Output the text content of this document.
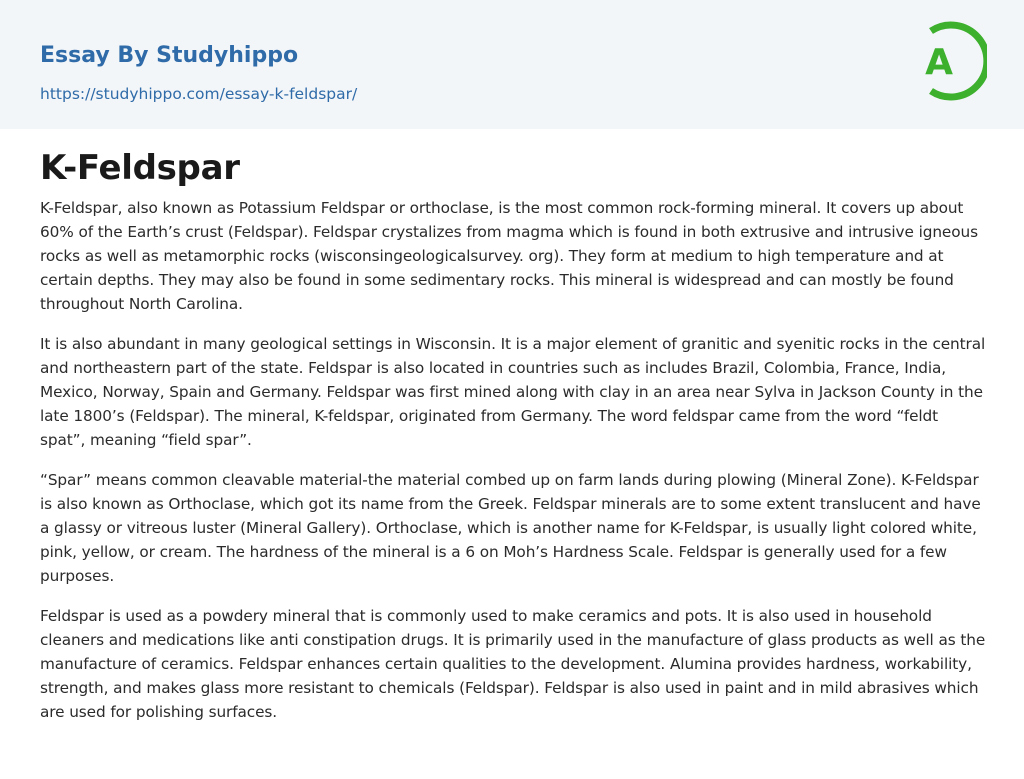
Essay By Studyhippo
https://studyhippo.com/essay-k-feldspar/
A
K-Feldspar

K-Feldspar, also known as Potassium Feldspar or orthoclase, is the most common rock-forming mineral. It covers up about 60% of the Earth’s crust (Feldspar). Feldspar crystalizes from magma which is found in both extrusive and intrusive igneous rocks as well as metamorphic rocks (wisconsingeologicalsurvey. org). They form at medium to high temperature and at certain depths. They may also be found in some sedimentary rocks. This mineral is widespread and can mostly be found throughout North Carolina.

It is also abundant in many geological settings in Wisconsin. It is a major element of granitic and syenitic rocks in the central and northeastern part of the state. Feldspar is also located in countries such as includes Brazil, Colombia, France, India, Mexico, Norway, Spain and Germany. Feldspar was first mined along with clay in an area near Sylva in Jackson County in the late 1800’s (Feldspar). The mineral, K-feldspar, originated from Germany. The word feldspar came from the word “feldt spat”, meaning “field spar”.

“Spar” means common cleavable material-the material combed up on farm lands during plowing (Mineral Zone). K-Feldspar is also known as Orthoclase, which got its name from the Greek. Feldspar minerals are to some extent translucent and have a glassy or vitreous luster (Mineral Gallery). Orthoclase, which is another name for K-Feldspar, is usually light colored white, pink, yellow, or cream. The hardness of the mineral is a 6 on Moh’s Hardness Scale. Feldspar is generally used for a few purposes.

Feldspar is used as a powdery mineral that is commonly used to make ceramics and pots. It is also used in household cleaners and medications like anti constipation drugs. It is primarily used in the manufacture of glass products as well as the manufacture of ceramics. Feldspar enhances certain qualities to the development. Alumina provides hardness, workability, strength, and makes glass more resistant to chemicals (Feldspar). Feldspar is also used in paint and in mild abrasives which are used for polishing surfaces.
